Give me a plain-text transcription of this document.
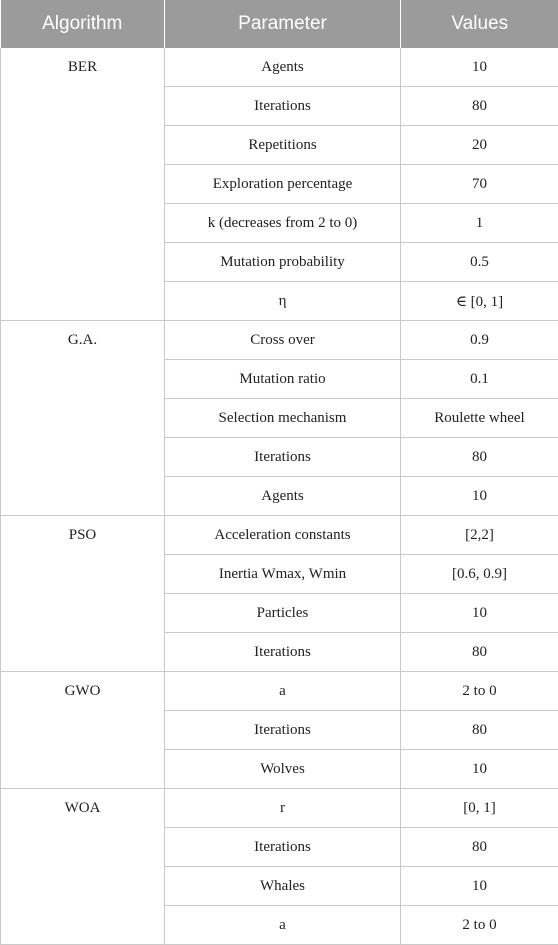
Algorithm	Parameter	Values
BER	Agents	10
	Iterations	80
	Repetitions	20
	Exploration percentage	70
	k (decreases from 2 to 0)	1
	Mutation probability	0.5
	η	∈ [0, 1]
G.A.	Cross over	0.9
	Mutation ratio	0.1
	Selection mechanism	Roulette wheel
	Iterations	80
	Agents	10
PSO	Acceleration constants	[2,2]
	Inertia Wmax, Wmin	[0.6, 0.9]
	Particles	10
	Iterations	80
GWO	a	2 to 0
	Iterations	80
	Wolves	10
WOA	r	[0, 1]
	Iterations	80
	Whales	10
	a	2 to 0
